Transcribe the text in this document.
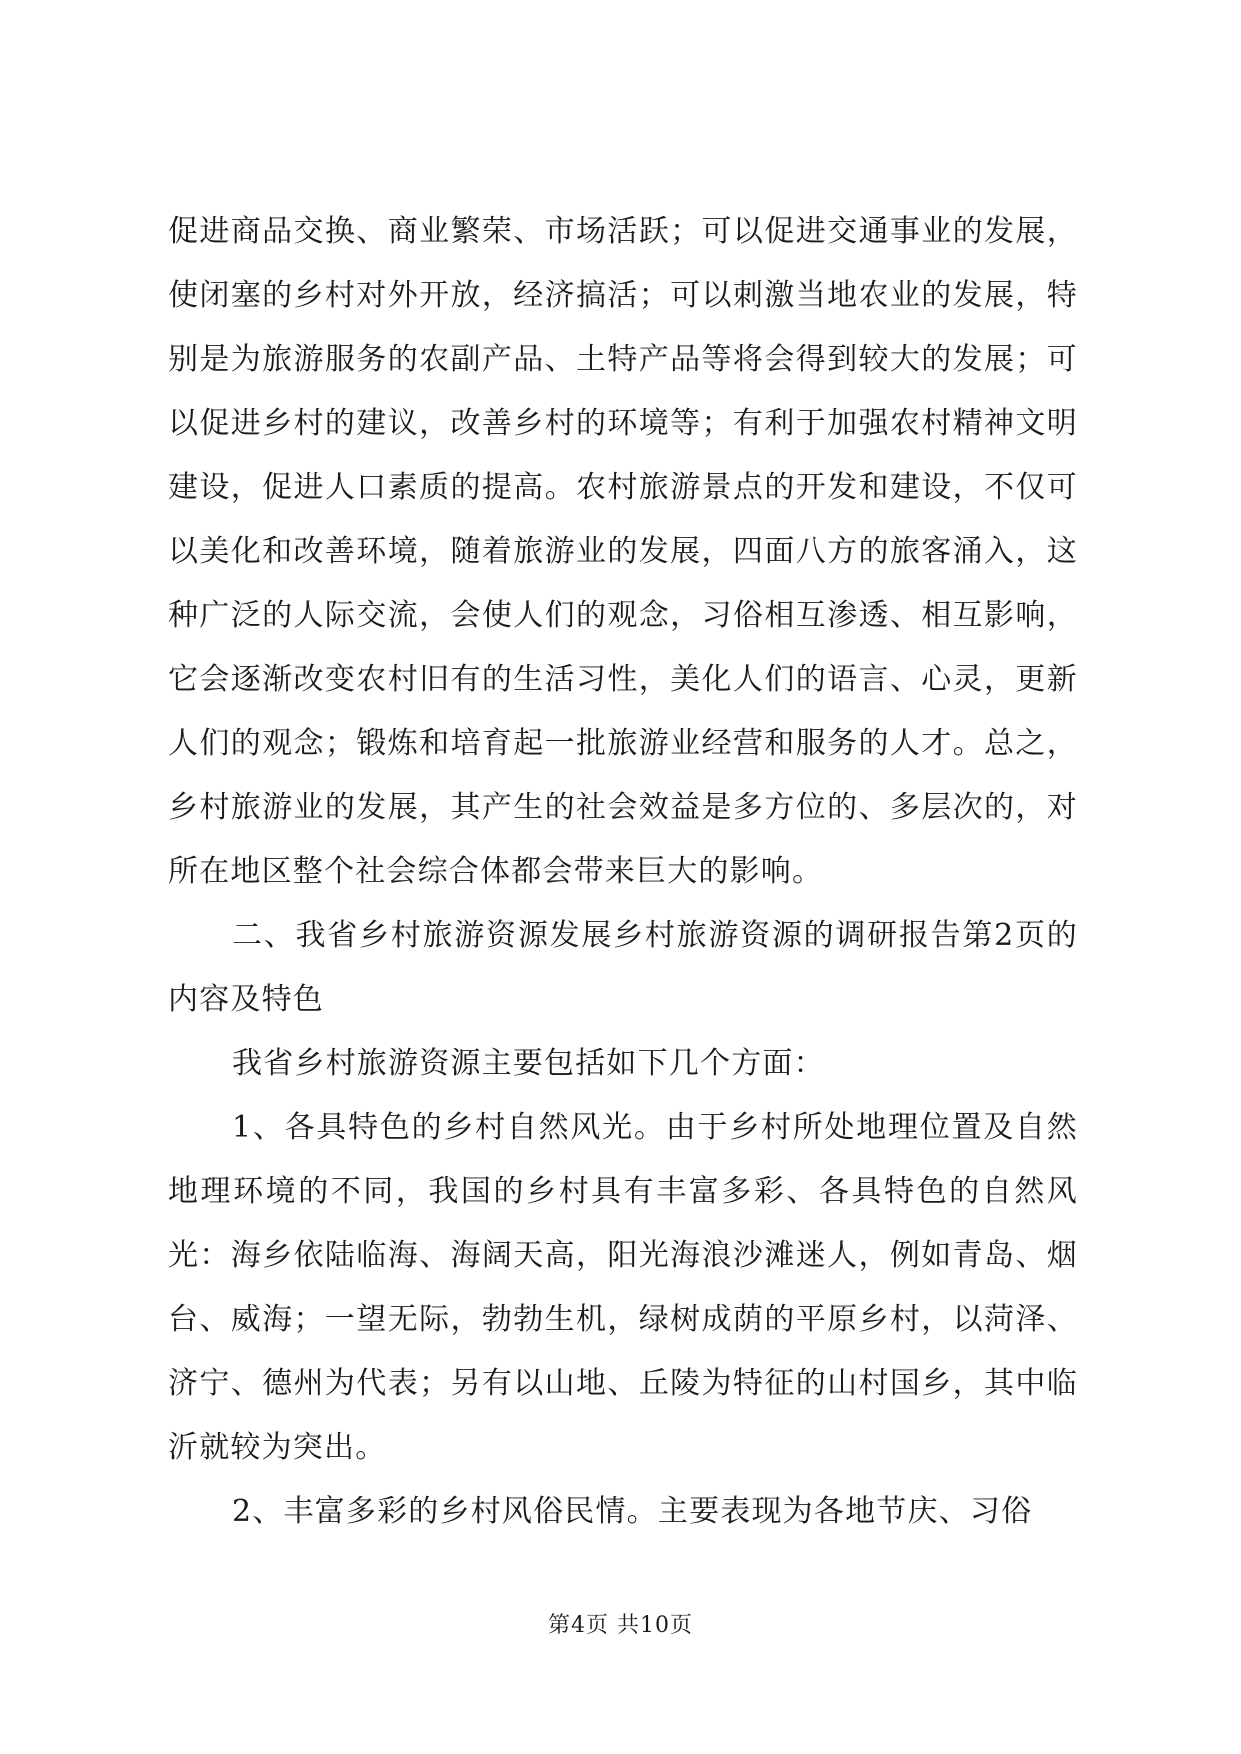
促进商品交换、商业繁荣、市场活跃；可以促进交通事业的发展，使闭塞的乡村对外开放，经济搞活；可以刺激当地农业的发展，特别是为旅游服务的农副产品、土特产品等将会得到较大的发展；可以促进乡村的建议，改善乡村的环境等；有利于加强农村精神文明建设，促进人口素质的提高。农村旅游景点的开发和建设，不仅可以美化和改善环境，随着旅游业的发展，四面八方的旅客涌入，这种广泛的人际交流，会使人们的观念，习俗相互渗透、相互影响，它会逐渐改变农村旧有的生活习性，美化人们的语言、心灵，更新人们的观念；锻炼和培育起一批旅游业经营和服务的人才。总之，乡村旅游业的发展，其产生的社会效益是多方位的、多层次的，对所在地区整个社会综合体都会带来巨大的影响。

二、我省乡村旅游资源发展乡村旅游资源的调研报告第2页的内容及特色

我省乡村旅游资源主要包括如下几个方面：

1、各具特色的乡村自然风光。由于乡村所处地理位置及自然地理环境的不同，我国的乡村具有丰富多彩、各具特色的自然风光：海乡依陆临海、海阔天高，阳光海浪沙滩迷人，例如青岛、烟台、威海；一望无际，勃勃生机，绿树成荫的平原乡村，以菏泽、济宁、德州为代表；另有以山地、丘陵为特征的山村国乡，其中临沂就较为突出。

2、丰富多彩的乡村风俗民情。主要表现为各地节庆、习俗

第4页 共10页
